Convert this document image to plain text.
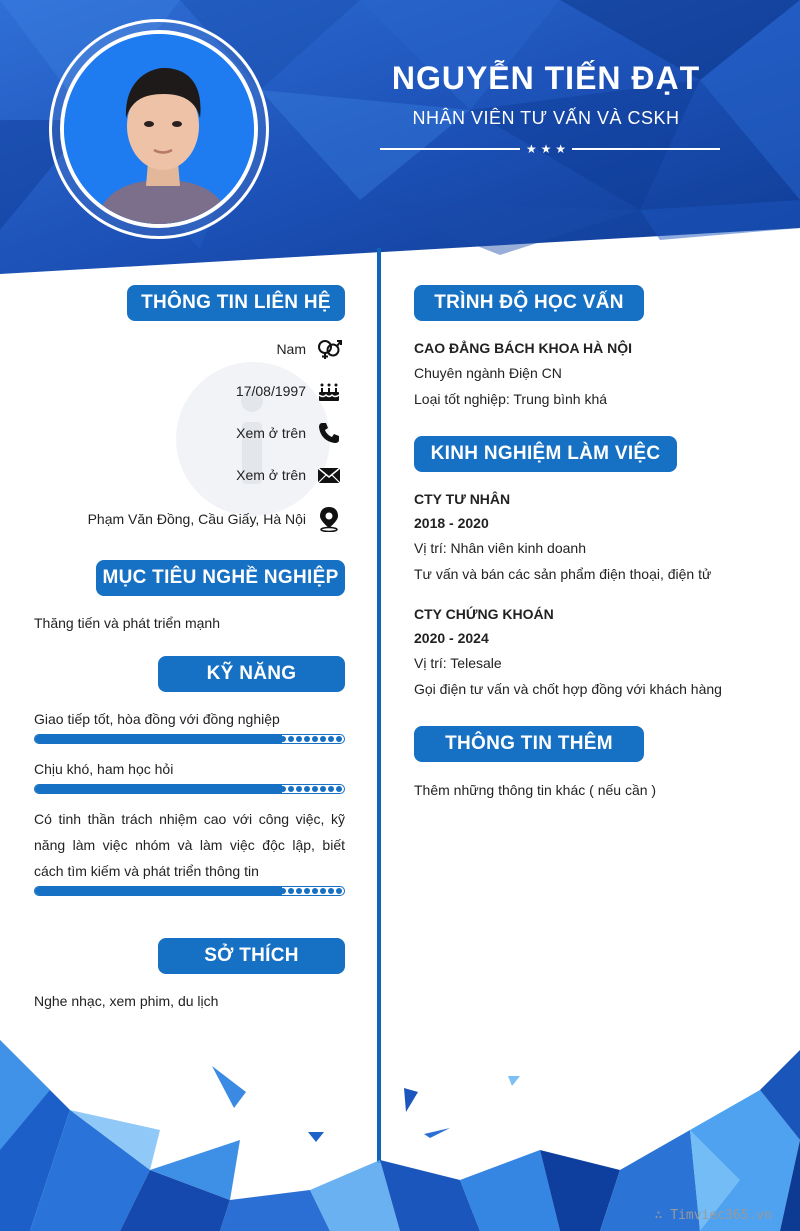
NGUYỄN TIẾN ĐẠT
NHÂN VIÊN TƯ VẤN VÀ CSKH
★ ★ ★
THÔNG TIN LIÊN HỆ
Nam
17/08/1997
Xem ở trên
Xem ở trên
Phạm Văn Đồng, Cầu Giấy, Hà Nội
MỤC TIÊU NGHỀ NGHIỆP
Thăng tiến và phát triển mạnh
KỸ NĂNG
Giao tiếp tốt, hòa đồng với đồng nghiệp
Chịu khó, ham học hỏi
Có tinh thần trách nhiệm cao với công việc, kỹ năng làm việc nhóm và làm việc độc lập, biết cách tìm kiếm và phát triển thông tin
SỞ THÍCH
Nghe nhạc, xem phim, du lịch
TRÌNH ĐỘ HỌC VẤN
CAO ĐẲNG BÁCH KHOA HÀ NỘI
Chuyên ngành Điện CN
Loại tốt nghiệp: Trung bình khá
KINH NGHIỆM LÀM VIỆC
CTY TƯ NHÂN
2018 - 2020
Vị trí: Nhân viên kinh doanh
Tư vấn và bán các sản phẩm điện thoại, điện tử
CTY CHỨNG KHOÁN
2020 - 2024
Vị trí: Telesale
Gọi điện tư vấn và chốt hợp đồng với khách hàng
THÔNG TIN THÊM
Thêm những thông tin khác ( nếu cần )
∴ Timviec365.vn
